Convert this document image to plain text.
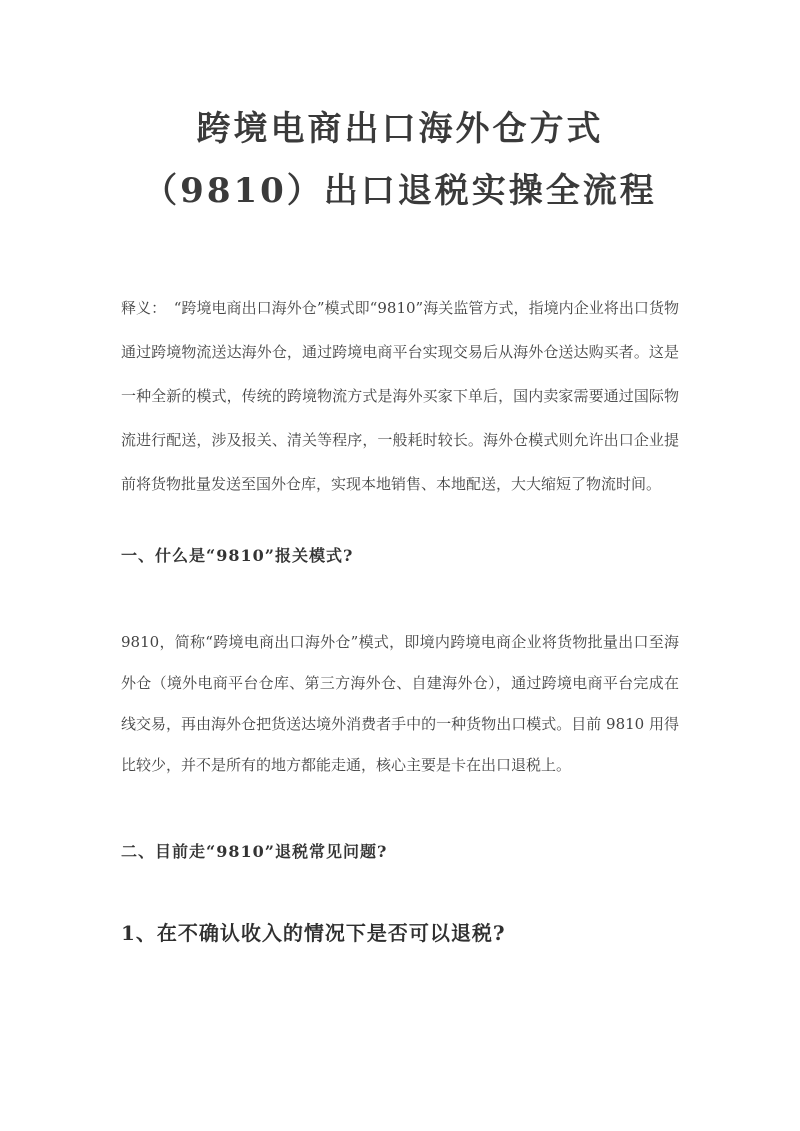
跨境电商出口海外仓方式
（9810）出口退税实操全流程

释义：　“跨境电商出口海外仓”模式即“9810”海关监管方式，指境内企业将出口货物通过跨境物流送达海外仓，通过跨境电商平台实现交易后从海外仓送达购买者。这是一种全新的模式，传统的跨境物流方式是海外买家下单后，国内卖家需要通过国际物流进行配送，涉及报关、清关等程序，一般耗时较长。海外仓模式则允许出口企业提前将货物批量发送至国外仓库，实现本地销售、本地配送，大大缩短了物流时间。

一、什么是“9810”报关模式?

9810，简称“跨境电商出口海外仓”模式，即境内跨境电商企业将货物批量出口至海外仓（境外电商平台仓库、第三方海外仓、自建海外仓），通过跨境电商平台完成在线交易，再由海外仓把货送达境外消费者手中的一种货物出口模式。目前 9810 用得比较少，并不是所有的地方都能走通，核心主要是卡在出口退税上。

二、目前走“9810”退税常见问题?
1、在不确认收入的情况下是否可以退税?
